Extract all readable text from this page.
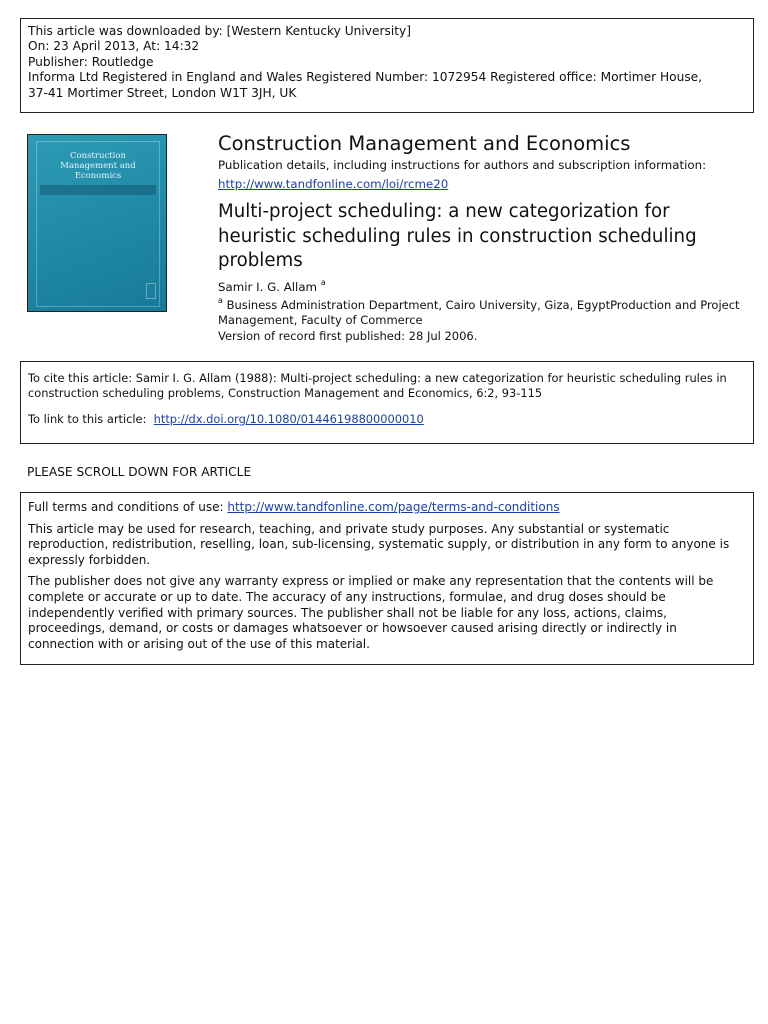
This article was downloaded by: [Western Kentucky University]
On: 23 April 2013, At: 14:32
Publisher: Routledge
Informa Ltd Registered in England and Wales Registered Number: 1072954 Registered office: Mortimer House,
37-41 Mortimer Street, London W1T 3JH, UK
Construction
Management and
Economics
Construction Management and Economics
Publication details, including instructions for authors and subscription information:
http://www.tandfonline.com/loi/rcme20
Multi-project scheduling: a new categorization for heuristic scheduling rules in construction scheduling problems
Samir I. G. Allam $^a$
$^a$ Business Administration Department, Cairo University, Giza, EgyptProduction and Project Management, Faculty of Commerce
Version of record first published: 28 Jul 2006.
To cite this article: Samir I. G. Allam (1988): Multi-project scheduling: a new categorization for heuristic scheduling rules in construction scheduling problems, Construction Management and Economics, 6:2, 93-115
To link to this article: http://dx.doi.org/10.1080/01446198800000010
PLEASE SCROLL DOWN FOR ARTICLE

Full terms and conditions of use: http://www.tandfonline.com/page/terms-and-conditions

This article may be used for research, teaching, and private study purposes. Any substantial or systematic reproduction, redistribution, reselling, loan, sub-licensing, systematic supply, or distribution in any form to anyone is expressly forbidden.

The publisher does not give any warranty express or implied or make any representation that the contents will be complete or accurate or up to date. The accuracy of any instructions, formulae, and drug doses should be independently verified with primary sources. The publisher shall not be liable for any loss, actions, claims, proceedings, demand, or costs or damages whatsoever or howsoever caused arising directly or indirectly in connection with or arising out of the use of this material.
